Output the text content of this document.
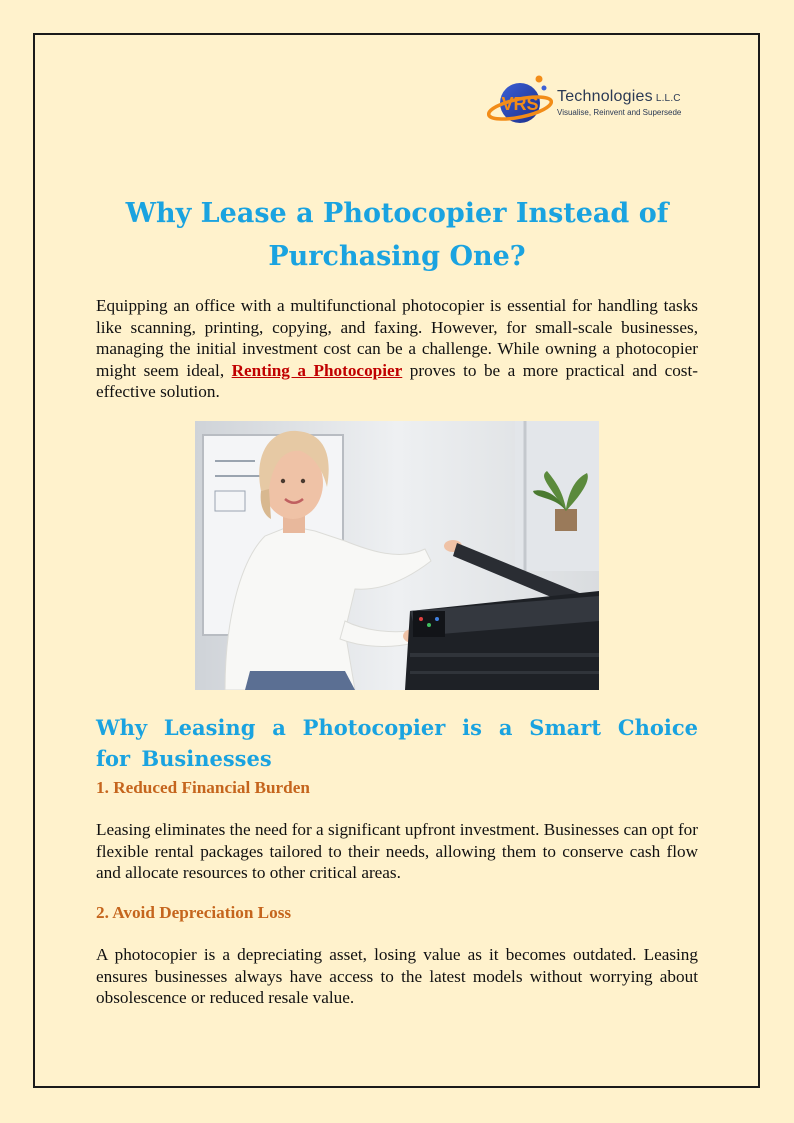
VRS Technologies L.L.C
Visualise, Reinvent and Supersede
Why Lease a Photocopier Instead of Purchasing One?

Equipping an office with a multifunctional photocopier is essential for handling tasks like scanning, printing, copying, and faxing. However, for small-scale businesses, managing the initial investment cost can be a challenge. While owning a photocopier might seem ideal, Renting a Photocopier proves to be a more practical and cost-effective solution.

Why Leasing a Photocopier is a Smart Choice for Businesses
1. Reduced Financial Burden

Leasing eliminates the need for a significant upfront investment. Businesses can opt for flexible rental packages tailored to their needs, allowing them to conserve cash flow and allocate resources to other critical areas.

2. Avoid Depreciation Loss

A photocopier is a depreciating asset, losing value as it becomes outdated. Leasing ensures businesses always have access to the latest models without worrying about obsolescence or reduced resale value.
